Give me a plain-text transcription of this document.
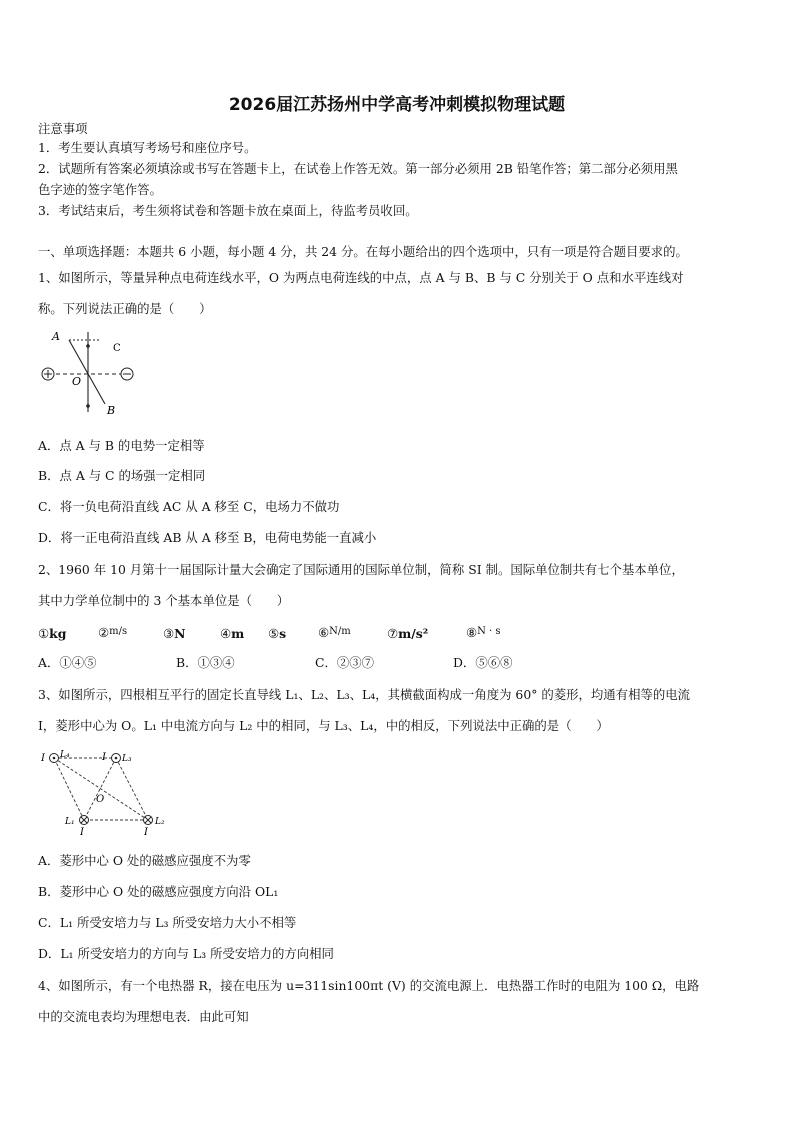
2026届江苏扬州中学高考冲刺模拟物理试题
注意事项
1．考生要认真填写考场号和座位序号。
2．试题所有答案必须填涂或书写在答题卡上，在试卷上作答无效。第一部分必须用 2B 铅笔作答；第二部分必须用黑
色字迹的签字笔作答。
3．考试结束后，考生须将试卷和答题卡放在桌面上，待监考员收回。
一、单项选择题：本题共 6 小题，每小题 4 分，共 24 分。在每小题给出的四个选项中，只有一项是符合题目要求的。
1、如图所示，等量异种点电荷连线水平，O 为两点电荷连线的中点，点 A 与 B、B 与 C 分别关于 O 点和水平连线对
称。下列说法正确的是（　　）
A
C
O
B
A．点 A 与 B 的电势一定相等
B．点 A 与 C 的场强一定相同
C．将一负电荷沿直线 AC 从 A 移至 C，电场力不做功
D．将一正电荷沿直线 AB 从 A 移至 B，电荷电势能一直减小
2、1960 年 10 月第十一届国际计量大会确定了国际通用的国际单位制，简称 SI 制。国际单位制共有七个基本单位，
其中力学单位制中的 3 个基本单位是（　　）
①kg	②$^{m/s}$	③N	④m ⑤s	⑥$^{N/m}$	⑦m/s²	⑧$^{N \cdot s}$
A．①④⑤	B．①③④	C．②③⑦	D．⑤⑥⑧
3、如图所示，四根相互平行的固定长直导线 L₁、L₂、L₃、L₄，其横截面构成一角度为 60° 的菱形，均通有相等的电流
I，菱形中心为 O。L₁ 中电流方向与 L₂ 中的相同，与 L₃、L₄，中的相反，下列说法中正确的是（　　）
I L₄	I L₃
O
L₁
I
L₂
I
A．菱形中心 O 处的磁感应强度不为零
B．菱形中心 O 处的磁感应强度方向沿 OL₁
C．L₁ 所受安培力与 L₃ 所受安培力大小不相等
D．L₁ 所受安培力的方向与 L₃ 所受安培力的方向相同
4、如图所示，有一个电热器 R，接在电压为 u=311sin100πt (V) 的交流电源上．电热器工作时的电阻为 100 Ω，电路
中的交流电表均为理想电表．由此可知
